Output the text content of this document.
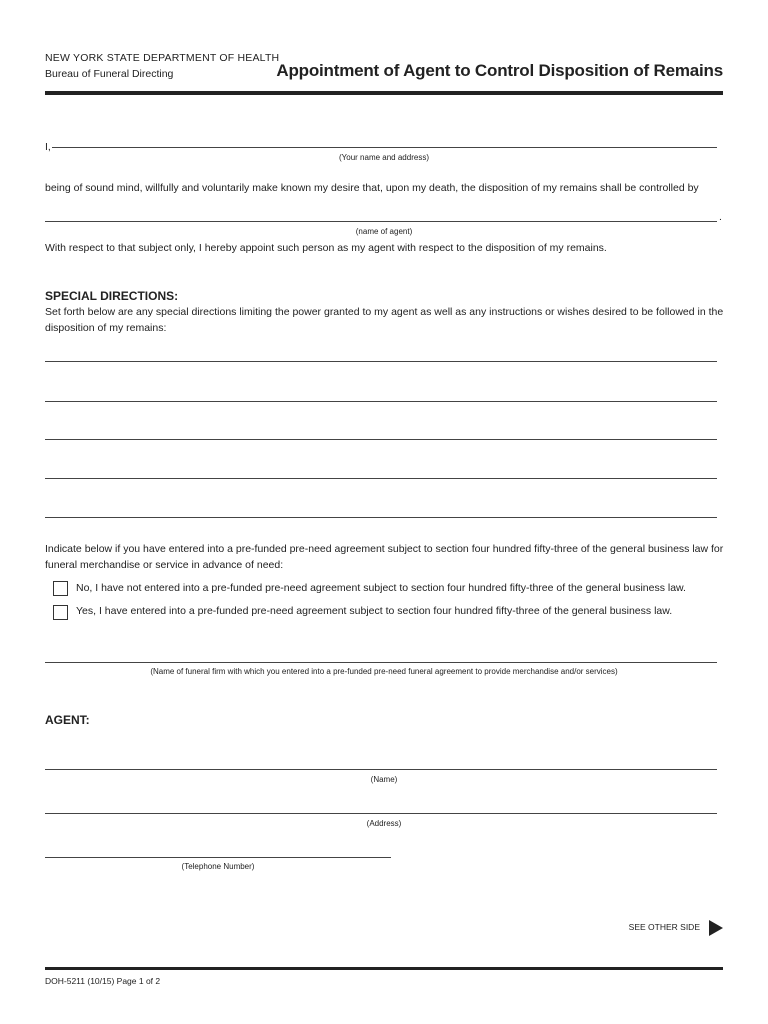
NEW YORK STATE DEPARTMENT OF HEALTH
Bureau of Funeral Directing	Appointment of Agent to Control Disposition of Remains
I,
(Your name and address)
being of sound mind, willfully and voluntarily make known my desire that, upon my death, the disposition of my remains shall be controlled by
.
(name of agent)
With respect to that subject only, I hereby appoint such person as my agent with respect to the disposition of my remains.
SPECIAL DIRECTIONS:
Set forth below are any special directions limiting the power granted to my agent as well as any instructions or wishes desired to be followed in the disposition of my remains:
Indicate below if you have entered into a pre-funded pre-need agreement subject to section four hundred fifty-three of the general business law for funeral merchandise or service in advance of need:
No, I have not entered into a pre-funded pre-need agreement subject to section four hundred fifty-three of the general business law.
Yes, I have entered into a pre-funded pre-need agreement subject to section four hundred fifty-three of the general business law.
(Name of funeral firm with which you entered into a pre-funded pre-need funeral agreement to provide merchandise and/or services)
AGENT:
(Name)
(Address)
(Telephone Number)
SEE OTHER SIDE
DOH-5211 (10/15) Page 1 of 2
